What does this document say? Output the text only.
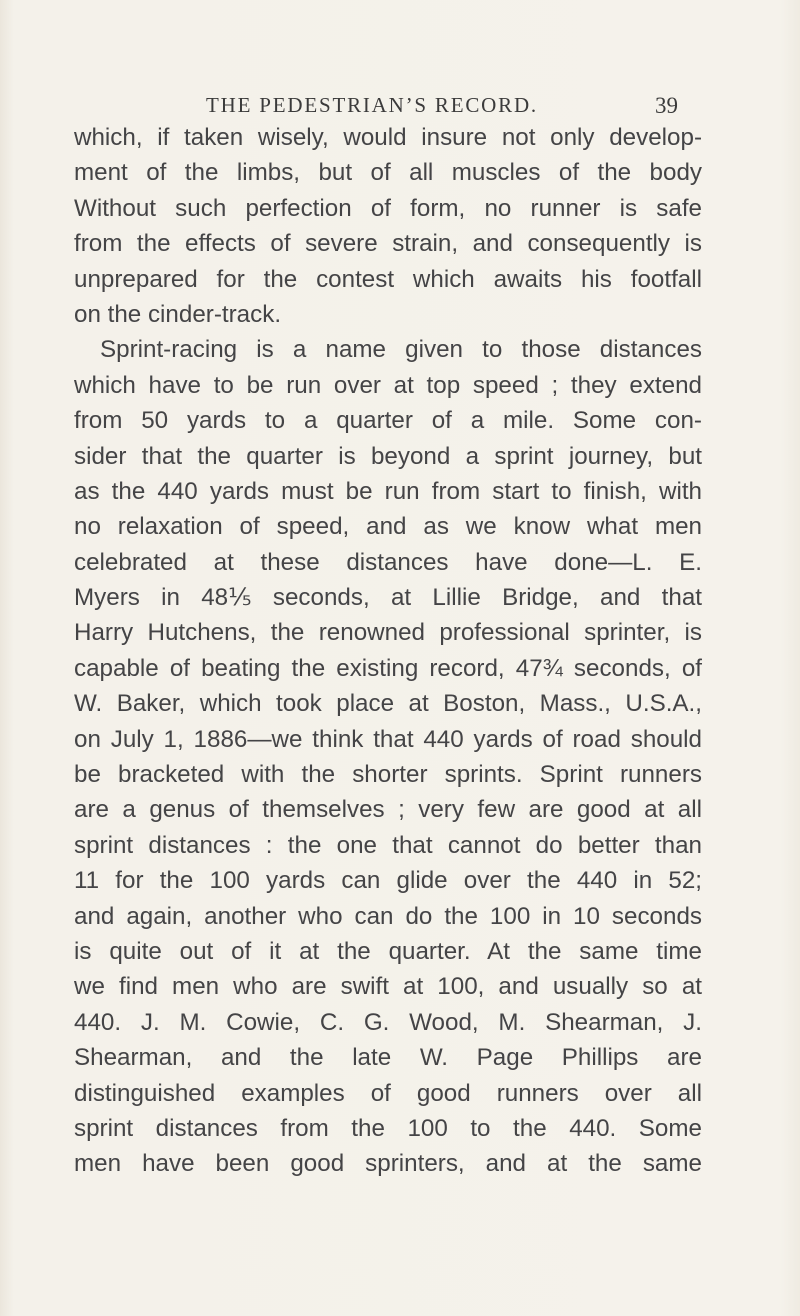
THE PEDESTRIAN’S RECORD.	39
which, if taken wisely, would insure not only develop-
ment of the limbs, but of all muscles of the body
Without such perfection of form, no runner is safe
from the effects of severe strain, and consequently is
unprepared for the contest which awaits his footfall
on the cinder-track.
Sprint-racing is a name given to those distances
which have to be run over at top speed ; they extend
from 50 yards to a quarter of a mile. Some con-
sider that the quarter is beyond a sprint journey, but
as the 440 yards must be run from start to finish, with
no relaxation of speed, and as we know what men
celebrated at these distances have done—L. E.
Myers in 48⅕ seconds, at Lillie Bridge, and that
Harry Hutchens, the renowned professional sprinter, is
capable of beating the existing record, 47¾ seconds, of
W. Baker, which took place at Boston, Mass., U.S.A.,
on July 1, 1886—we think that 440 yards of road should
be bracketed with the shorter sprints. Sprint runners
are a genus of themselves ; very few are good at all
sprint distances : the one that cannot do better than
11 for the 100 yards can glide over the 440 in 52;
and again, another who can do the 100 in 10 seconds
is quite out of it at the quarter. At the same time
we find men who are swift at 100, and usually so at
440. J. M. Cowie, C. G. Wood, M. Shearman, J.
Shearman, and the late W. Page Phillips are
distinguished examples of good runners over all
sprint distances from the 100 to the 440. Some
men have been good sprinters, and at the same
